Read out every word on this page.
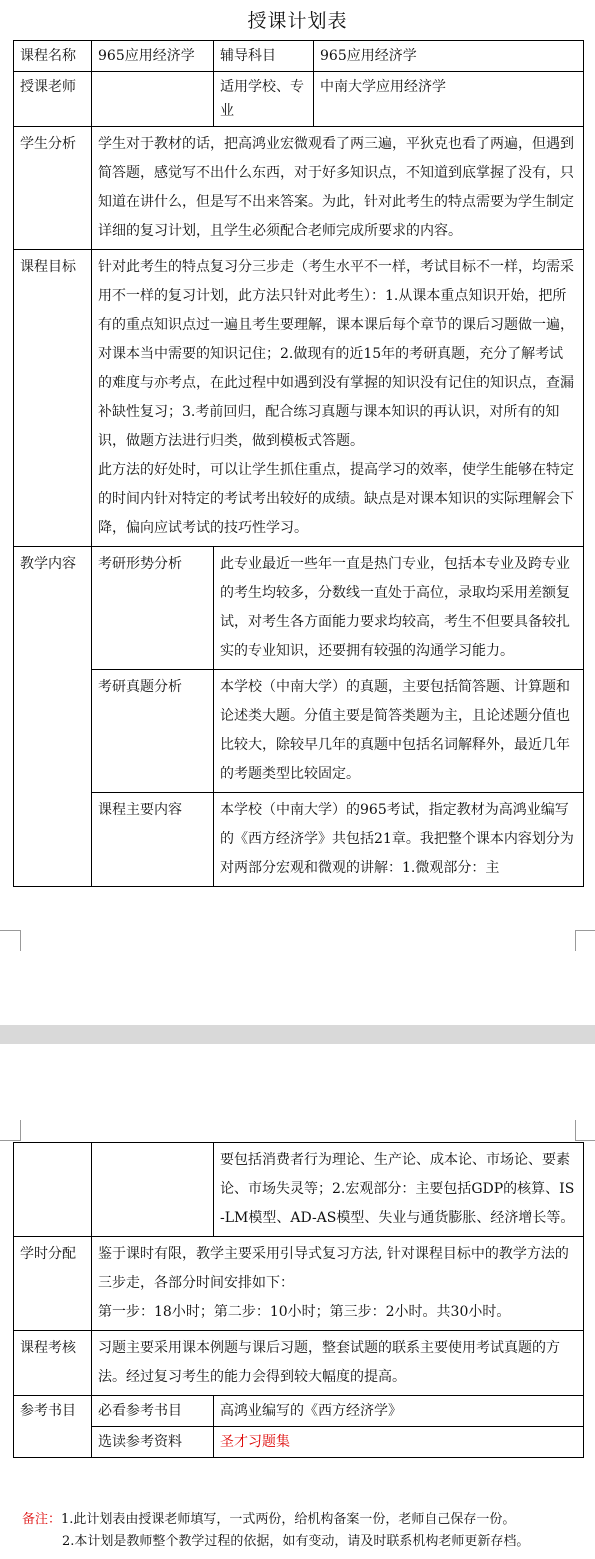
授课计划表
课程名称	965应用经济学	辅导科目	965应用经济学
授课老师		适用学校、专业	中南大学应用经济学
学生分析	学生对于教材的话，把高鸿业宏微观看了两三遍，平狄克也看了两遍，但遇到简答题，感觉写不出什么东西，对于好多知识点，不知道到底掌握了没有，只知道在讲什么，但是写不出来答案。为此，针对此考生的特点需要为学生制定详细的复习计划，且学生必须配合老师完成所要求的内容。		
课程目标	针对此考生的特点复习分三步走（考生水平不一样，考试目标不一样，均需采用不一样的复习计划，此方法只针对此考生）：1.从课本重点知识开始，把所有的重点知识点过一遍且考生要理解，课本课后每个章节的课后习题做一遍，对课本当中需要的知识记住；2.做现有的近15年的考研真题，充分了解考试的难度与亦考点，在此过程中如遇到没有掌握的知识没有记住的知识点，查漏补缺性复习；3.考前回归，配合练习真题与课本知识的再认识，对所有的知识，做题方法进行归类，做到模板式答题。

此方法的好处时，可以让学生抓住重点，提高学习的效率，使学生能够在特定的时间内针对特定的考试考出较好的成绩。缺点是对课本知识的实际理解会下降，偏向应试考试的技巧性学习。		

教学内容	考研形势分析	此专业最近一些年一直是热门专业，包括本专业及跨专业的考生均较多，分数线一直处于高位，录取均采用差额复试，对考生各方面能力要求均较高，考生不但要具备较扎实的专业知识，还要拥有较强的沟通学习能力。	
	考研真题分析	本学校（中南大学）的真题，主要包括简答题、计算题和论述类大题。分值主要是简答类题为主，且论述题分值也比较大，除较早几年的真题中包括名词解释外，最近几年的考题类型比较固定。	
	课程主要内容	本学校（中南大学）的965考试，指定教材为高鸿业编写的《西方经济学》共包括21章。我把整个课本内容划分为对两部分宏观和微观的讲解：1.微观部分：主	
		要包括消费者行为理论、生产论、成本论、市场论、要素论、市场失灵等；2.宏观部分：主要包括GDP的核算、IS-LM模型、AD-AS模型、失业与通货膨胀、经济增长等。
学时分配	鉴于课时有限，教学主要采用引导式复习方法, 针对课程目标中的教学方法的三步走，各部分时间安排如下：

第一步：18小时；第二步：10小时；第三步：2小时。共30小时。	

课程考核	习题主要采用课本例题与课后习题，整套试题的联系主要使用考试真题的方法。经过复习考生的能力会得到较大幅度的提高。	
参考书目	必看参考书目	高鸿业编写的《西方经济学》
	选读参考资料	圣才习题集
备注：1.此计划表由授课老师填写，一式两份，给机构备案一份，老师自己保存一份。
2.本计划是教师整个教学过程的依据，如有变动，请及时联系机构老师更新存档。
